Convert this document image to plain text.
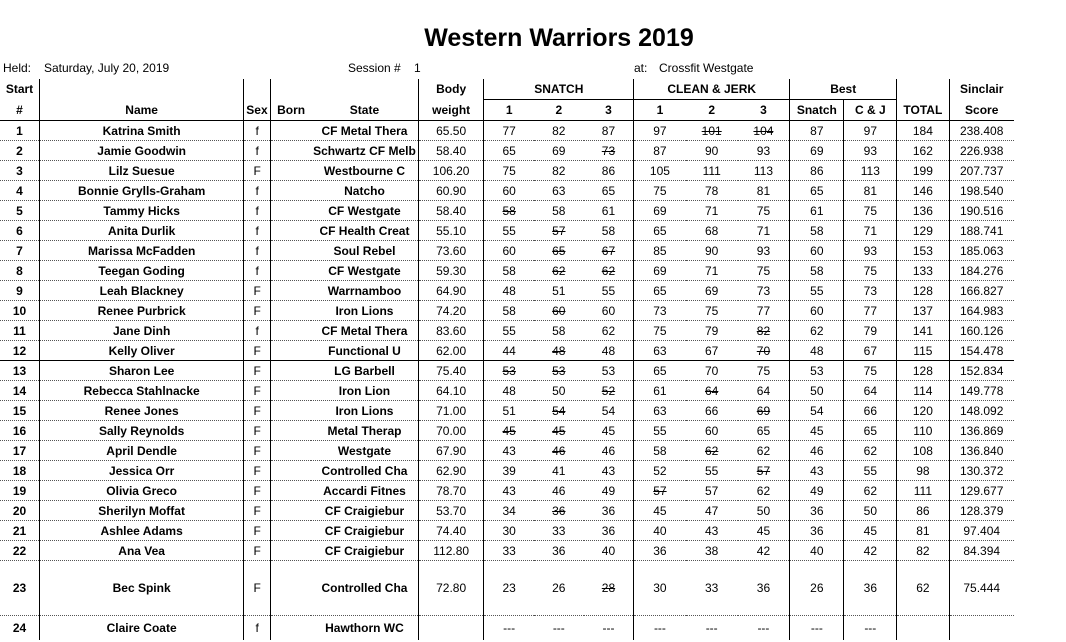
Western Warriors 2019
Held: Saturday, July 20, 2019	Session # 1	at: Crossfit Westgate
Start					Body	SNATCH			CLEAN & JERK			Best			Sinclair
#	Name	Sex	Born	State	weight	1	2	3	1	2	3	Snatch	C & J	TOTAL	Score
1	Katrina Smith	f		CF Metal Thera	65.50	77	82	87	97	101	104	87	97	184	238.408
2	Jamie Goodwin	f		Schwartz CF Melb	58.40	65	69	73	87	90	93	69	93	162	226.938
3	Lilz Suesue	F		Westbourne C	106.20	75	82	86	105	111	113	86	113	199	207.737
4	Bonnie Grylls-Graham	f		Natcho	60.90	60	63	65	75	78	81	65	81	146	198.540
5	Tammy Hicks	f		CF Westgate	58.40	58	58	61	69	71	75	61	75	136	190.516
6	Anita Durlik	f		CF Health Creat	55.10	55	57	58	65	68	71	58	71	129	188.741
7	Marissa McFadden	f		Soul Rebel	73.60	60	65	67	85	90	93	60	93	153	185.063
8	Teegan Goding	f		CF Westgate	59.30	58	62	62	69	71	75	58	75	133	184.276
9	Leah Blackney	F		Warrnamboo	64.90	48	51	55	65	69	73	55	73	128	166.827
10	Renee Purbrick	F		Iron Lions	74.20	58	60	60	73	75	77	60	77	137	164.983
11	Jane Dinh	f		CF Metal Thera	83.60	55	58	62	75	79	82	62	79	141	160.126
12	Kelly Oliver	F		Functional U	62.00	44	48	48	63	67	70	48	67	115	154.478
13	Sharon Lee	F		LG Barbell	75.40	53	53	53	65	70	75	53	75	128	152.834
14	Rebecca Stahlnacke	F		Iron Lion	64.10	48	50	52	61	64	64	50	64	114	149.778
15	Renee Jones	F		Iron Lions	71.00	51	54	54	63	66	69	54	66	120	148.092
16	Sally Reynolds	F		Metal Therap	70.00	45	45	45	55	60	65	45	65	110	136.869
17	April Dendle	F		Westgate	67.90	43	46	46	58	62	62	46	62	108	136.840
18	Jessica Orr	F		Controlled Cha	62.90	39	41	43	52	55	57	43	55	98	130.372
19	Olivia Greco	F		Accardi Fitnes	78.70	43	46	49	57	57	62	49	62	111	129.677
20	Sherilyn Moffat	F		CF Craigiebur	53.70	34	36	36	45	47	50	36	50	86	128.379
21	Ashlee Adams	F		CF Craigiebur	74.40	30	33	36	40	43	45	36	45	81	97.404
22	Ana Vea	F		CF Craigiebur	112.80	33	36	40	36	38	42	40	42	82	84.394
23	Bec Spink	F		Controlled Cha	72.80	23	26	28	30	33	36	26	36	62	75.444
24	Claire Coate	f		Hawthorn WC		---	---	---	---	---	---	---	---		
